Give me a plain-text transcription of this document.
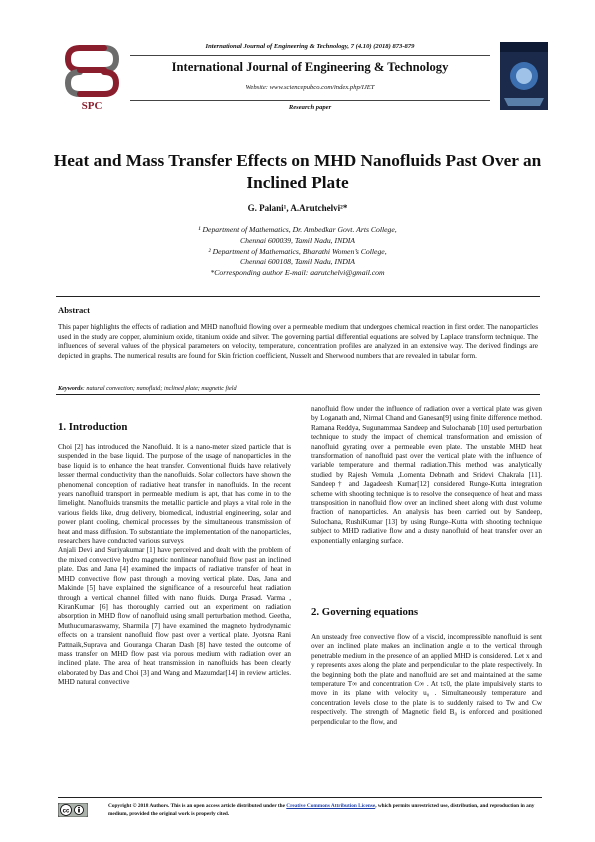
SPC
International Journal of Engineering & Technology, 7 (4.10) (2018) 873-879
International Journal of Engineering & Technology
Website: www.sciencepubco.com/index.php/IJET
Research paper
Heat and Mass Transfer Effects on MHD Nanofluids Past Over an Inclined Plate
G. Palani¹, A.Arutchelvi²*
¹ Department of Mathematics, Dr. Ambedkar Govt. Arts College,
Chennai 600039, Tamil Nadu, INDIA
² Department of Mathematics, Bharathi Women’s College,
Chennai 600108, Tamil Nadu, INDIA
*Corresponding author E-mail: aarutchelvi@gmail.com
Abstract
This paper highlights the effects of radiation and MHD nanofluid flowing over a permeable medium that undergoes chemical reaction in first order. The nanoparticles used in the study are copper, aluminium oxide, titanium oxide and silver. The governing partial differential equations are solved by Laplace transform technique. The influences of several values of the physical parameters on velocity, temperature, concentration profiles are analyzed in an extensive way. The derived findings are depicted in graphs. The numerical results are found for Skin friction coefficient, Nusselt and Sherwood numbers that are revealed in tabular form.
Keywords: natural convection; nanofluid; inclined plate; magnetic field
1. Introduction

Choi [2] has introduced the Nanofluid. It is a nano-meter sized particle that is suspended in the base liquid. The purpose of the usage of nanoparticles in the base liquid is to enhance the heat transfer. Conventional fluids have relatively lesser thermal conductivity than the nanofluids. Solar collectors have shown the phenomenal conception of radiative heat transfer in nanofluids. In the recent years nanofluid transport in permeable medium is apt, that has come in to the limelight. Nanofluids transmits the metallic particle and plays a vital role in the various fields like, drug delivery, biomedical, industrial engineering, solar and power plant cooling, chemical processes by the simultaneous transmission of heat and mass diffusion. To substantiate the implementation of the nanoparticles, researchers have conducted various surveys

Anjali Devi and Suriyakumar [1] have perceived and dealt with the problem of the mixed convective hydro magnetic nonlinear nanofluid flow past an inclined plate. Das and Jana [4] examined the impacts of radiative transfer of heat in MHD convective flow past through a moving vertical plate. Das, Jana and Makinde [5] have explained the significance of a resourceful heat radiation through a vertical channel filled with nano fluids. Durga Prasad. Varma , KiranKumar [6] has thoroughly carried out an experiment on radiation absorption in MHD flow of nanofluid using small perturbation method. Geetha, Muthucumaraswamy, Sharmila [7] have examined the magneto hydrodynamic effects on a transient nanofluid flow past over a vertical plate. Jyotsna Rani Pattnaik,Suprava and Gouranga Charan Dash [8] have tested the outcome of mass transfer on MHD flow past via porous medium with radiation over an inclined plate. The area of heat transmission in nanofluids has been clearly elaborated by Das and Choi [3] and Wang and Mazumdar[14] in review articles. MHD natural convective

nanofluid flow under the influence of radiation over a vertical plate was given by Loganath and, Nirmal Chand and Ganesan[9] using finite difference method. Ramana Reddya, Sugunammaa Sandeep and Sulochanab [10] used perturbation technique to study the impact of chemical transformation and emission of nanofluid gyrating over a permeable even plate. The unstable MHD heat transformation of nanofluid past over the vertical plate with the influence of variable temperature and thermal radiation.This method was analytically studied by Rajesh Vemula ,Lomenta Debnath and Sridevi Chakrala [11]. Sandeep† and Jagadeesh Kumar[12] considered Runge-Kutta integration scheme with shooting technique is to resolve the consequence of heat and mass transposition in nanofluid flow over an inclined sheet along with dust volume fraction of nanoparticles. An analysis has been carried out by Sandeep, Sulochana, RushiKumar [13] by using Runge–Kutta with shooting technique subject to MHD radiative flow and a dusty nanofluid of heat transfer over an exponentially enlarging surface.

2. Governing equations

An unsteady free convective flow of a viscid, incompressible nanofluid is sent over an inclined plate makes an inclination angle α to the vertical through penetrable medium in the presence of an applied MHD is considered. Let x and y represents axes along the plate and perpendicular to the plate respectively. In the beginning both the plate and nanofluid are set and maintained at the same temperature T∞ and concentration C∞ . At t≤0, the plate impulsively starts to move in its plane with velocity u₀ . Simultaneously temperature and concentration levels close to the plate is to suddenly raised to Tw and Cw respectively. The strength of Magnetic field B₀ is enforced and positioned perpendicular to the flow, and

cc
Copyright © 2018 Authors. This is an open access article distributed under the Creative Commons Attribution License, which permits unrestricted use, distribution, and reproduction in any medium, provided the original work is properly cited.
